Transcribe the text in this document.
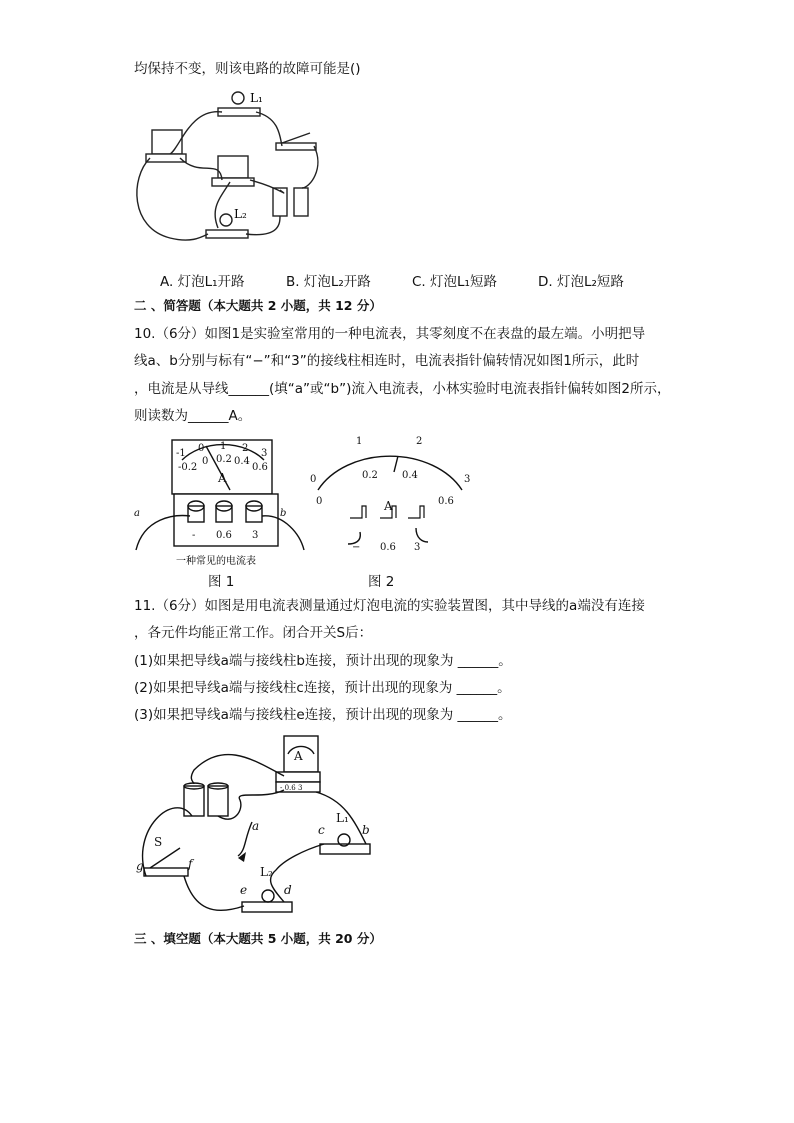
均保持不变，则该电路的故障可能是()
L₁
L₂
A. 灯泡L₁开路	B. 灯泡L₂开路	C. 灯泡L₁短路	D. 灯泡L₂短路
二 、简答题（本大题共 2 小题，共 12 分）
10.（6分）如图1是实验室常用的一种电流表，其零刻度不在表盘的最左端。小明把导
线a、b分别与标有“−”和“3”的接线柱相连时，电流表指针偏转情况如图1所示，此时
，电流是从导线______(填“a”或“b”)流入电流表，小林实验时电流表指针偏转如图2所示，
则读数为______A。
-1 0 1 2 3
-0.2
0 0.2 0.4
0.6
A
- 0.6 3
a	b
一种常见的电流表
图 1
0
1	2
3
0
0.2 0.4
0.6
A
− 0.6 3
图 2
11.（6分）如图是用电流表测量通过灯泡电流的实验装置图，其中导线的a端没有连接
，各元件均能正常工作。闭合开关S后：
(1)如果把导线a端与接线柱b连接，预计出现的现象为 ______。
(2)如果把导线a端与接线柱c连接，预计出现的现象为 ______。
(3)如果把导线a端与接线柱e连接，预计出现的现象为 ______。
A
- 0.6 3
L₁
L₂
S
a	b
c
d
e
f
g
三 、填空题（本大题共 5 小题，共 20 分）
